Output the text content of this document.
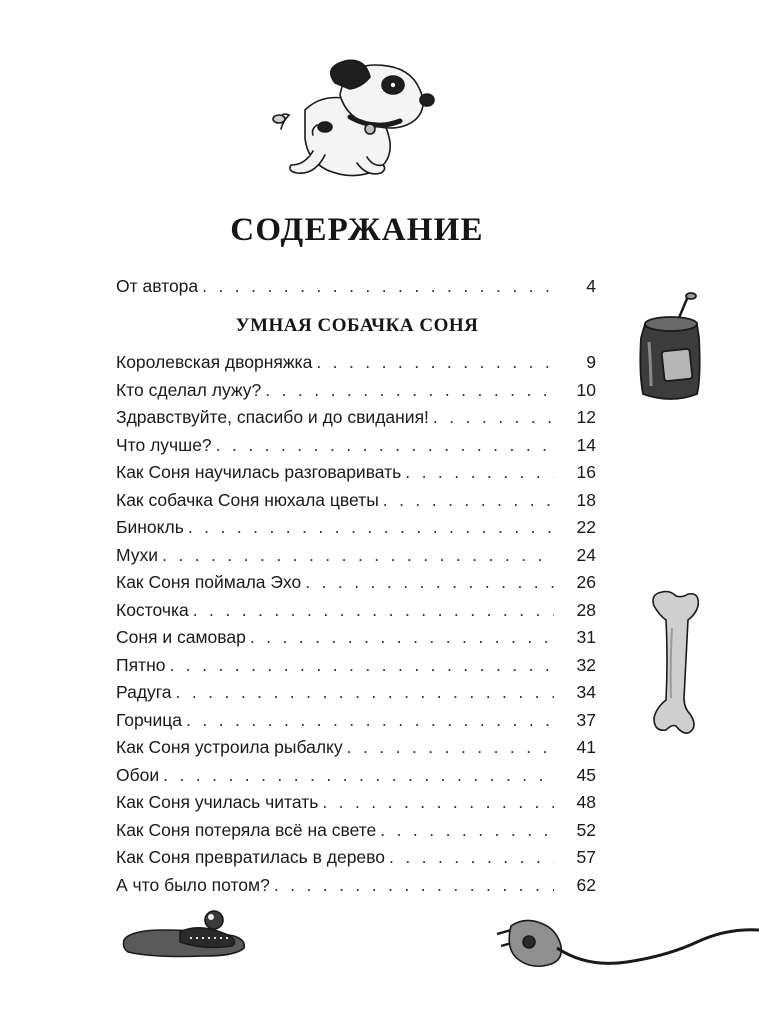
СОДЕРЖАНИЕ
От автора . . .	4
УМНАЯ СОБАЧКА СОНЯ
Королевская дворняжка . . .	9
Кто сделал лужу? . . .	10
Здравствуйте, спасибо и до свидания! . . .	12
Что лучше? . . .	14
Как Соня научилась разговаривать . . .	16
Как собачка Соня нюхала цветы . . .	18
Бинокль . . .	22
Мухи . . .	24
Как Соня поймала Эхо . . .	26
Косточка . . .	28
Соня и самовар . . .	31
Пятно . . .	32
Радуга . . .	34
Горчица . . .	37
Как Соня устроила рыбалку . . .	41
Обои . . .	45
Как Соня училась читать . . .	48
Как Соня потеряла всё на свете . . .	52
Как Соня превратилась в дерево . . .	57
А что было потом? . . .	62
